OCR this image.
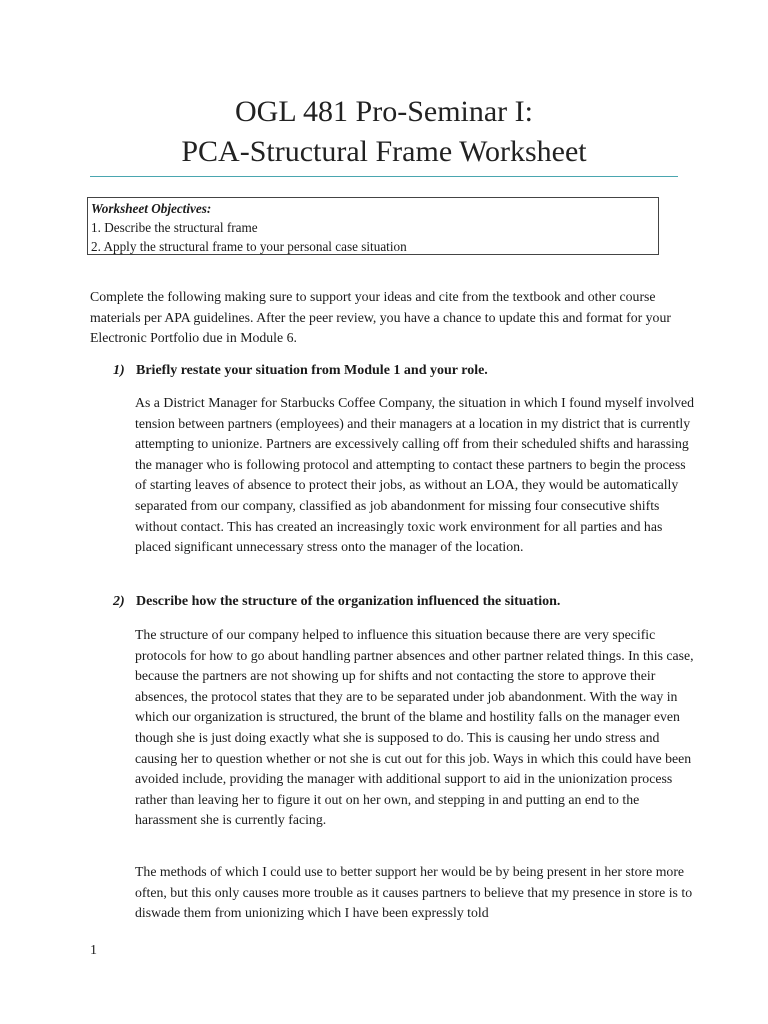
OGL 481 Pro-Seminar I:
PCA-Structural Frame Worksheet
Worksheet Objectives:
1. Describe the structural frame
2. Apply the structural frame to your personal case situation

Complete the following making sure to support your ideas and cite from the textbook and other course materials per APA guidelines. After the peer review, you have a chance to update this and format for your Electronic Portfolio due in Module 6.

1) Briefly restate your situation from Module 1 and your role.

As a District Manager for Starbucks Coffee Company, the situation in which I found myself involved tension between partners (employees) and their managers at a location in my district that is currently attempting to unionize. Partners are excessively calling off from their scheduled shifts and harassing the manager who is following protocol and attempting to contact these partners to begin the process of starting leaves of absence to protect their jobs, as without an LOA, they would be automatically separated from our company, classified as job abandonment for missing four consecutive shifts without contact. This has created an increasingly toxic work environment for all parties and has placed significant unnecessary stress onto the manager of the location.

2) Describe how the structure of the organization influenced the situation.

The structure of our company helped to influence this situation because there are very specific protocols for how to go about handling partner absences and other partner related things. In this case, because the partners are not showing up for shifts and not contacting the store to approve their absences, the protocol states that they are to be separated under job abandonment. With the way in which our organization is structured, the brunt of the blame and hostility falls on the manager even though she is just doing exactly what she is supposed to do. This is causing her undo stress and causing her to question whether or not she is cut out for this job. Ways in which this could have been avoided include, providing the manager with additional support to aid in the unionization process rather than leaving her to figure it out on her own, and stepping in and putting an end to the harassment she is currently facing.

The methods of which I could use to better support her would be by being present in her store more often, but this only causes more trouble as it causes partners to believe that my presence in store is to diswade them from unionizing which I have been expressly told

1
